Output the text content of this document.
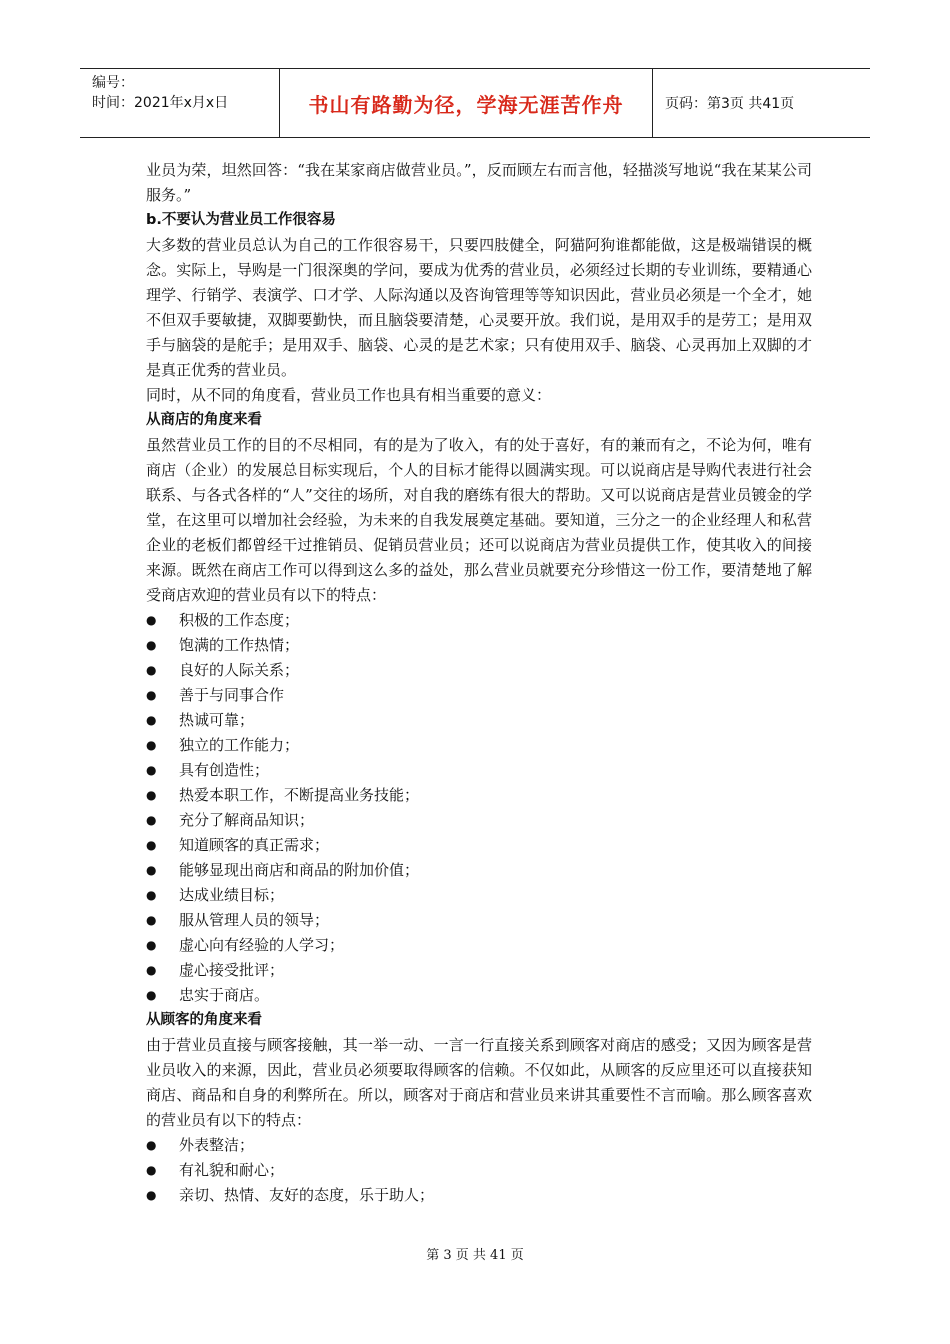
编号：
时间：2021年x月x日	书山有路勤为径，学海无涯苦作舟	页码：第3页 共41页

业员为荣，坦然回答：“我在某家商店做营业员。”，反而顾左右而言他，轻描淡写地说“我在某某公司服务。”

b.不要认为营业员工作很容易

大多数的营业员总认为自己的工作很容易干，只要四肢健全，阿猫阿狗谁都能做，这是极端错误的概念。实际上，导购是一门很深奥的学问，要成为优秀的营业员，必须经过长期的专业训练，要精通心理学、行销学、表演学、口才学、人际沟通以及咨询管理等等知识因此，营业员必须是一个全才，她不但双手要敏捷，双脚要勤快，而且脑袋要清楚，心灵要开放。我们说，是用双手的是劳工；是用双手与脑袋的是舵手；是用双手、脑袋、心灵的是艺术家；只有使用双手、脑袋、心灵再加上双脚的才是真正优秀的营业员。

同时，从不同的角度看，营业员工作也具有相当重要的意义：

从商店的角度来看

虽然营业员工作的目的不尽相同，有的是为了收入，有的处于喜好，有的兼而有之，不论为何，唯有商店（企业）的发展总目标实现后，个人的目标才能得以圆满实现。可以说商店是导购代表进行社会联系、与各式各样的“人”交往的场所，对自我的磨练有很大的帮助。又可以说商店是营业员镀金的学堂，在这里可以增加社会经验，为未来的自我发展奠定基础。要知道，三分之一的企业经理人和私营企业的老板们都曾经干过推销员、促销员营业员；还可以说商店为营业员提供工作，使其收入的间接来源。既然在商店工作可以得到这么多的益处，那么营业员就要充分珍惜这一份工作，要清楚地了解受商店欢迎的营业员有以下的特点：

● 积极的工作态度；
● 饱满的工作热情；
● 良好的人际关系；
● 善于与同事合作
● 热诚可靠；
● 独立的工作能力；
● 具有创造性；
● 热爱本职工作，不断提高业务技能；
● 充分了解商品知识；
● 知道顾客的真正需求；
● 能够显现出商店和商品的附加价值；
● 达成业绩目标；
● 服从管理人员的领导；
● 虚心向有经验的人学习；
● 虚心接受批评；
● 忠实于商店。

从顾客的角度来看

由于营业员直接与顾客接触，其一举一动、一言一行直接关系到顾客对商店的感受；又因为顾客是营业员收入的来源，因此，营业员必须要取得顾客的信赖。不仅如此，从顾客的反应里还可以直接获知商店、商品和自身的利弊所在。所以，顾客对于商店和营业员来讲其重要性不言而喻。那么顾客喜欢的营业员有以下的特点：

● 外表整洁；
● 有礼貌和耐心；
● 亲切、热情、友好的态度，乐于助人；
第 3 页 共 41 页
